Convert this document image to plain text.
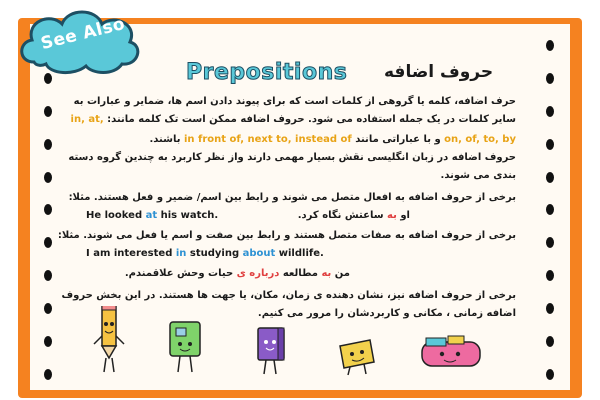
See Also
Prepositions حروف اضافه
حرف اضافه، کلمه یا گروهی از کلمات است که برای پیوند دادن اسم ها، ضمایر و عبارات به
سایر کلمات در یک جمله استفاده می شود. حروف اضافه ممکن است تک کلمه مانند: in, at,
on, of, to, by و با عباراتی مانند in front of, next to, instead of باشند.
حروف اضافه در زبان انگلیسی نقش بسیار مهمی دارند واز نظر کاربرد به چندین گروه دسته
بندی می شوند.
برخی از حروف اضافه به افعال متصل می شوند و رابط بین اسم/ ضمیر و فعل هستند. مثلا:
He looked at his watch.	او به ساعتش نگاه کرد.
برخی از حروف اضافه به صفات متصل هستند و رابط بین صفت و اسم یا فعل می شوند. مثلا:
I am interested in studying about wildlife.
من به مطالعه درباره ی حیات وحش علاقمندم.
برخی از حروف اضافه نیز، نشان دهنده ی زمان، مکان، یا جهت ها هستند. در این بخش حروف
اضافه زمانی ، مکانی و کاربردشان را مرور می کنیم.
